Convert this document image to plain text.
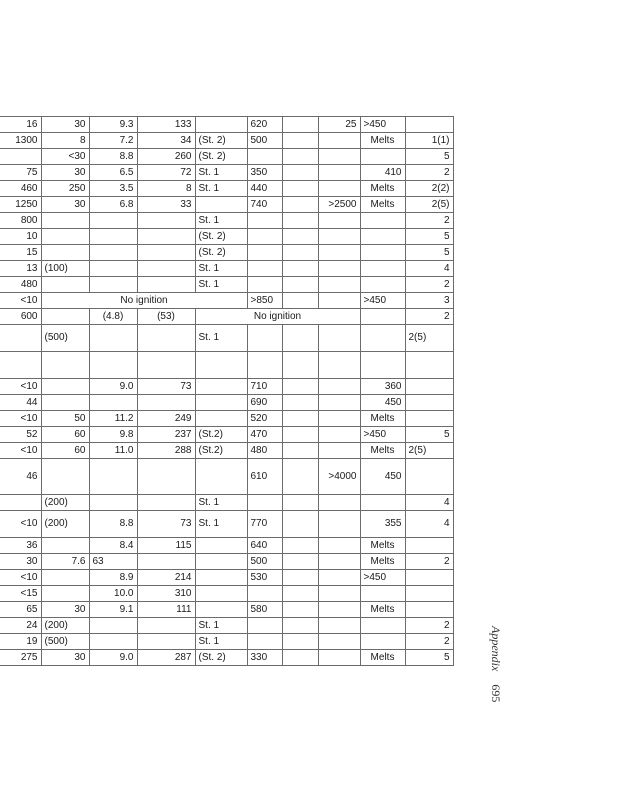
16	30	9.3	133		620		25	>450	
1300	8	7.2	34	(St. 2)	500			Melts	1(1)
	<30	8.8	260	(St. 2)					5
75	30	6.5	72	St. 1	350			410	2
460	250	3.5	8	St. 1	440			Melts	2(2)
1250	30	6.8	33		740		>2500	Melts	2(5)
800				St. 1					2
10				(St. 2)					5
15				(St. 2)					5
13	(100)			St. 1					4
480				St. 1					2
<10	No ignition				>850			>450	3
600		(4.8)	(53)	No ignition					2
	(500)			St. 1					2(5)

<10		9.0	73		710			360	
44					690			450	
<10	50	11.2	249		520			Melts	
52	60	9.8	237	(St.2)	470			>450	5
<10	60	11.0	288	(St.2)	480			Melts	2(5)
46					610		>4000	450	
	(200)			St. 1					4
<10	(200)	8.8	73	St. 1	770			355	4
36		8.4	115		640			Melts	
30	7.6	63			500			Melts	2
<10		8.9	214		530			>450	
<15		10.0	310						
65	30	9.1	111		580			Melts	
24	(200)			St. 1					2
19	(500)			St. 1					2
275	30	9.0	287	(St. 2)	330			Melts	5	Appendix 695
